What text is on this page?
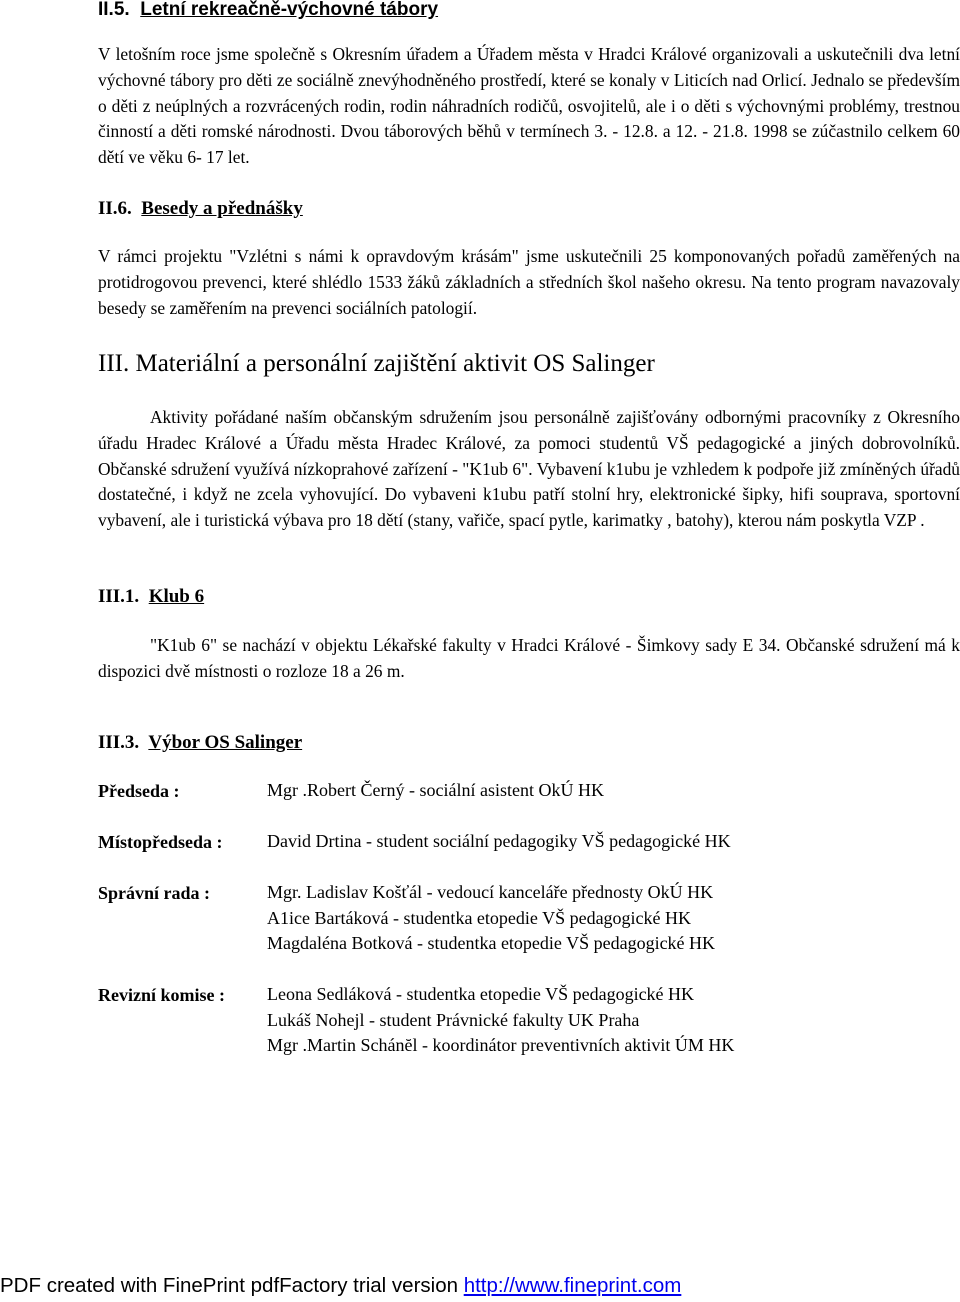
II.5. Letní rekreačně-výchovné tábory

V letošním roce jsme společně s Okresním úřadem a Úřadem města v Hradci Králové organizovali a uskutečnili dva letní výchovné tábory pro děti ze sociálně znevýhodněného prostředí, které se konaly v Liticích nad Orlicí. Jednalo se především o děti z neúplných a rozvrácených rodin, rodin náhradních rodičů, osvojitelů, ale i o děti s výchovnými problémy, trestnou činností a děti romské národnosti. Dvou táborových běhů v termínech 3. - 12.8. a 12. - 21.8. 1998 se zúčastnilo celkem 60 dětí ve věku 6- 17 let.

II.6. Besedy a přednášky

V rámci projektu "Vzlétni s námi k opravdovým krásám" jsme uskutečnili 25 komponovaných pořadů zaměřených na protidrogovou prevenci, které shlédlo 1533 žáků základních a středních škol našeho okresu. Na tento program navazovaly besedy se zaměřením na prevenci sociálních patologií.

III. Materiální a personální zajištění aktivit OS Salinger

Aktivity pořádané naším občanským sdružením jsou personálně zajišťovány odbornými pracovníky z Okresního úřadu Hradec Králové a Úřadu města Hradec Králové, za pomoci studentů VŠ pedagogické a jiných dobrovolníků. Občanské sdružení využívá nízkoprahové zařízení - "K1ub 6". Vybavení k1ubu je vzhledem k podpoře již zmíněných úřadů dostatečné, i když ne zcela vyhovující. Do vybaveni k1ubu patří stolní hry, elektronické šipky, hifi souprava, sportovní vybavení, ale i turistická výbava pro 18 dětí (stany, vařiče, spací pytle, karimatky , batohy), kterou nám poskytla VZP .

III.1. Klub 6

"K1ub 6" se nachází v objektu Lékařské fakulty v Hradci Králové - Šimkovy sady E 34. Občanské sdružení má k dispozici dvě místnosti o rozloze 18 a 26 m.

III.3. Výbor OS Salinger
Předseda :	Mgr .Robert Černý - sociální asistent OkÚ HK
Místopředseda : David Drtina - student sociální pedagogiky VŠ pedagogické HK
Správní rada :	Mgr. Ladislav Košťál - vedoucí kanceláře přednosty OkÚ HK
A1ice Bartáková - studentka etopedie VŠ pedagogické HK
Magdaléna Botková - studentka etopedie VŠ pedagogické HK
Revizní komise : Leona Sedláková - studentka etopedie VŠ pedagogické HK
Lukáš Nohejl - student Právnické fakulty UK Praha
Mgr .Martin Schánĕl - koordinátor preventivních aktivit ÚM HK
PDF created with FinePrint pdfFactory trial version http://www.fineprint.com
